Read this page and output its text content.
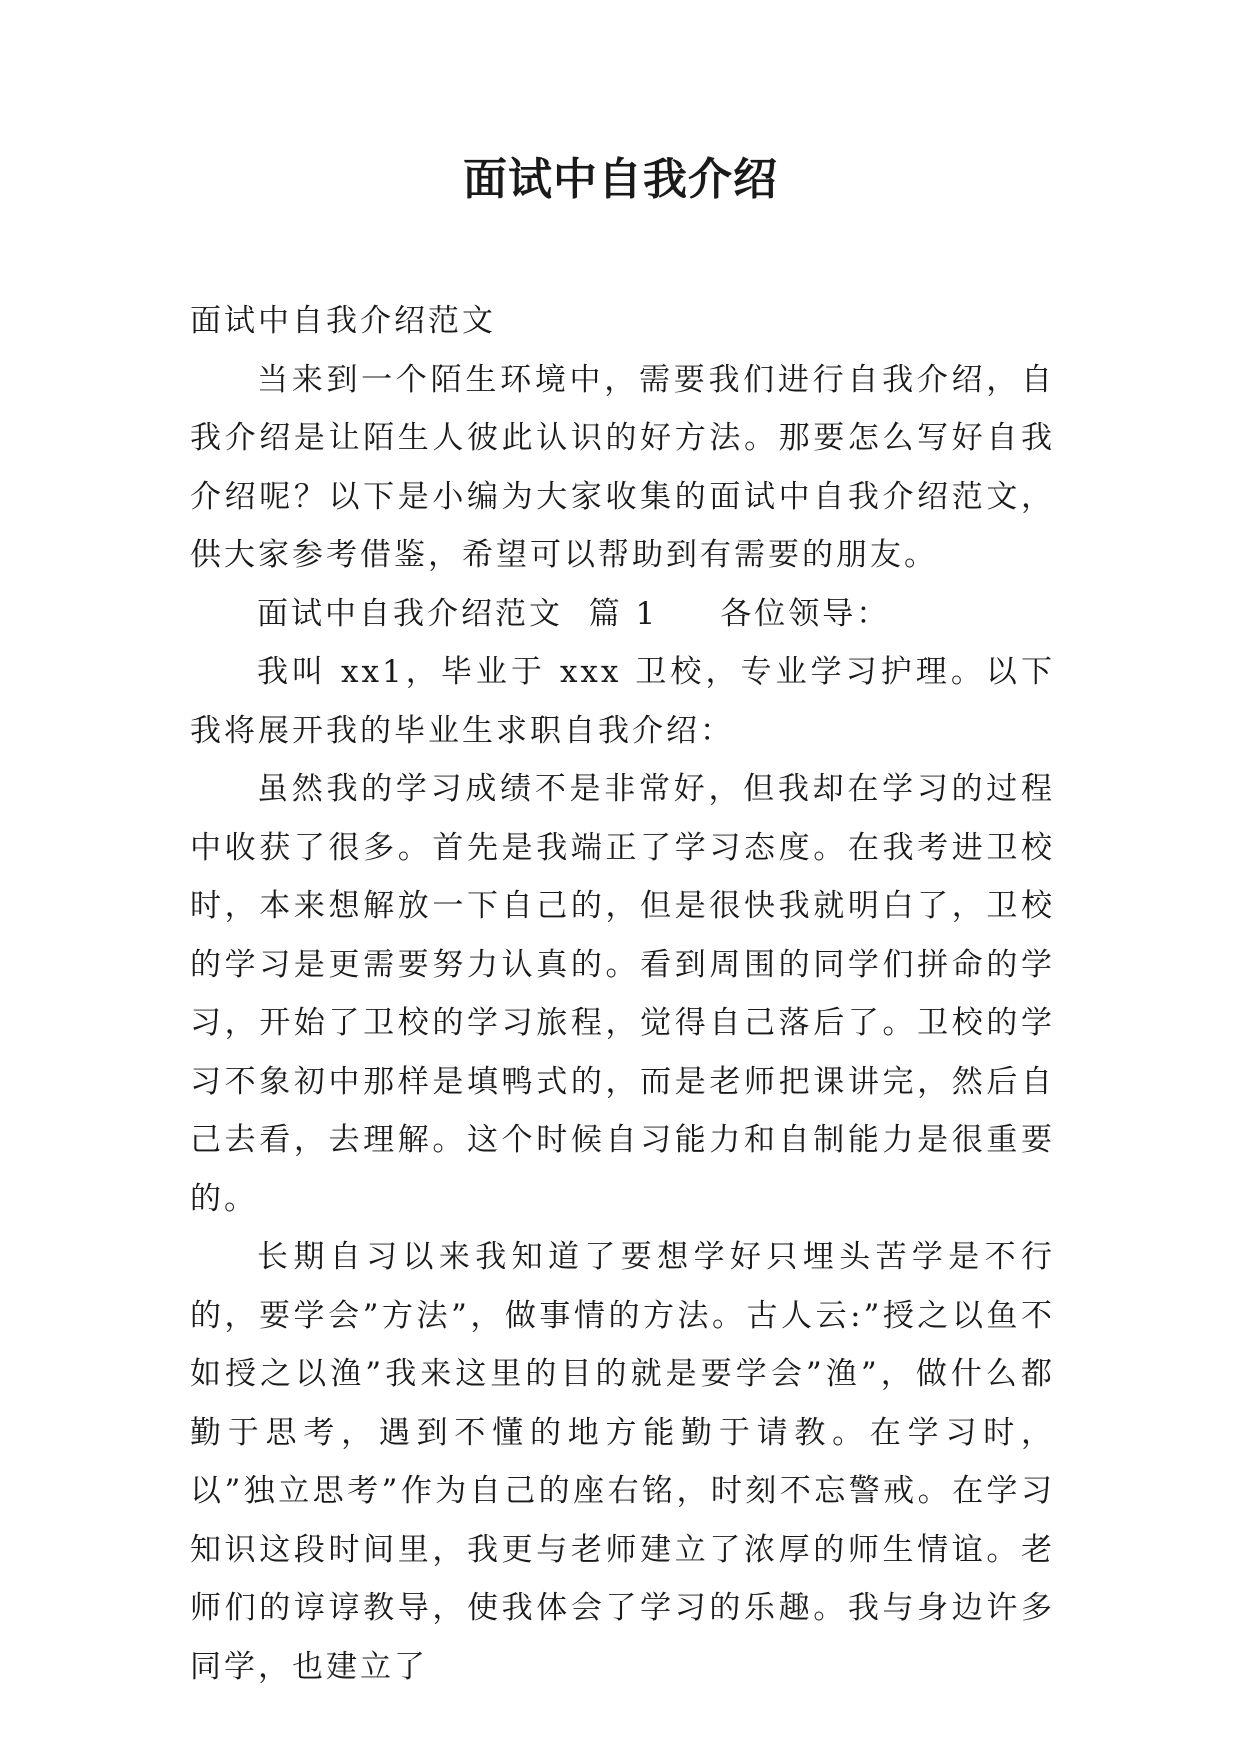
面试中自我介绍

面试中自我介绍范文

当来到一个陌生环境中，需要我们进行自我介绍，自我介绍是让陌生人彼此认识的好方法。那要怎么写好自我介绍呢？以下是小编为大家收集的面试中自我介绍范文，供大家参考借鉴，希望可以帮助到有需要的朋友。

面试中自我介绍范文  篇 1 各位领导：

我叫 xx1，毕业于 xxx 卫校，专业学习护理。以下我将展开我的毕业生求职自我介绍：

虽然我的学习成绩不是非常好，但我却在学习的过程中收获了很多。首先是我端正了学习态度。在我考进卫校时，本来想解放一下自己的，但是很快我就明白了，卫校的学习是更需要努力认真的。看到周围的同学们拼命的学习，开始了卫校的学习旅程，觉得自己落后了。卫校的学习不象初中那样是填鸭式的，而是老师把课讲完，然后自己去看，去理解。这个时候自习能力和自制能力是很重要的。

长期自习以来我知道了要想学好只埋头苦学是不行的，要学会”方法”，做事情的方法。古人云:”授之以鱼不如授之以渔”我来这里的目的就是要学会”渔”，做什么都勤于思考，遇到不懂的地方能勤于请教。在学习时，以”独立思考”作为自己的座右铭，时刻不忘警戒。在学习知识这段时间里，我更与老师建立了浓厚的师生情谊。老师们的谆谆教导，使我体会了学习的乐趣。我与身边许多同学，也建立了
